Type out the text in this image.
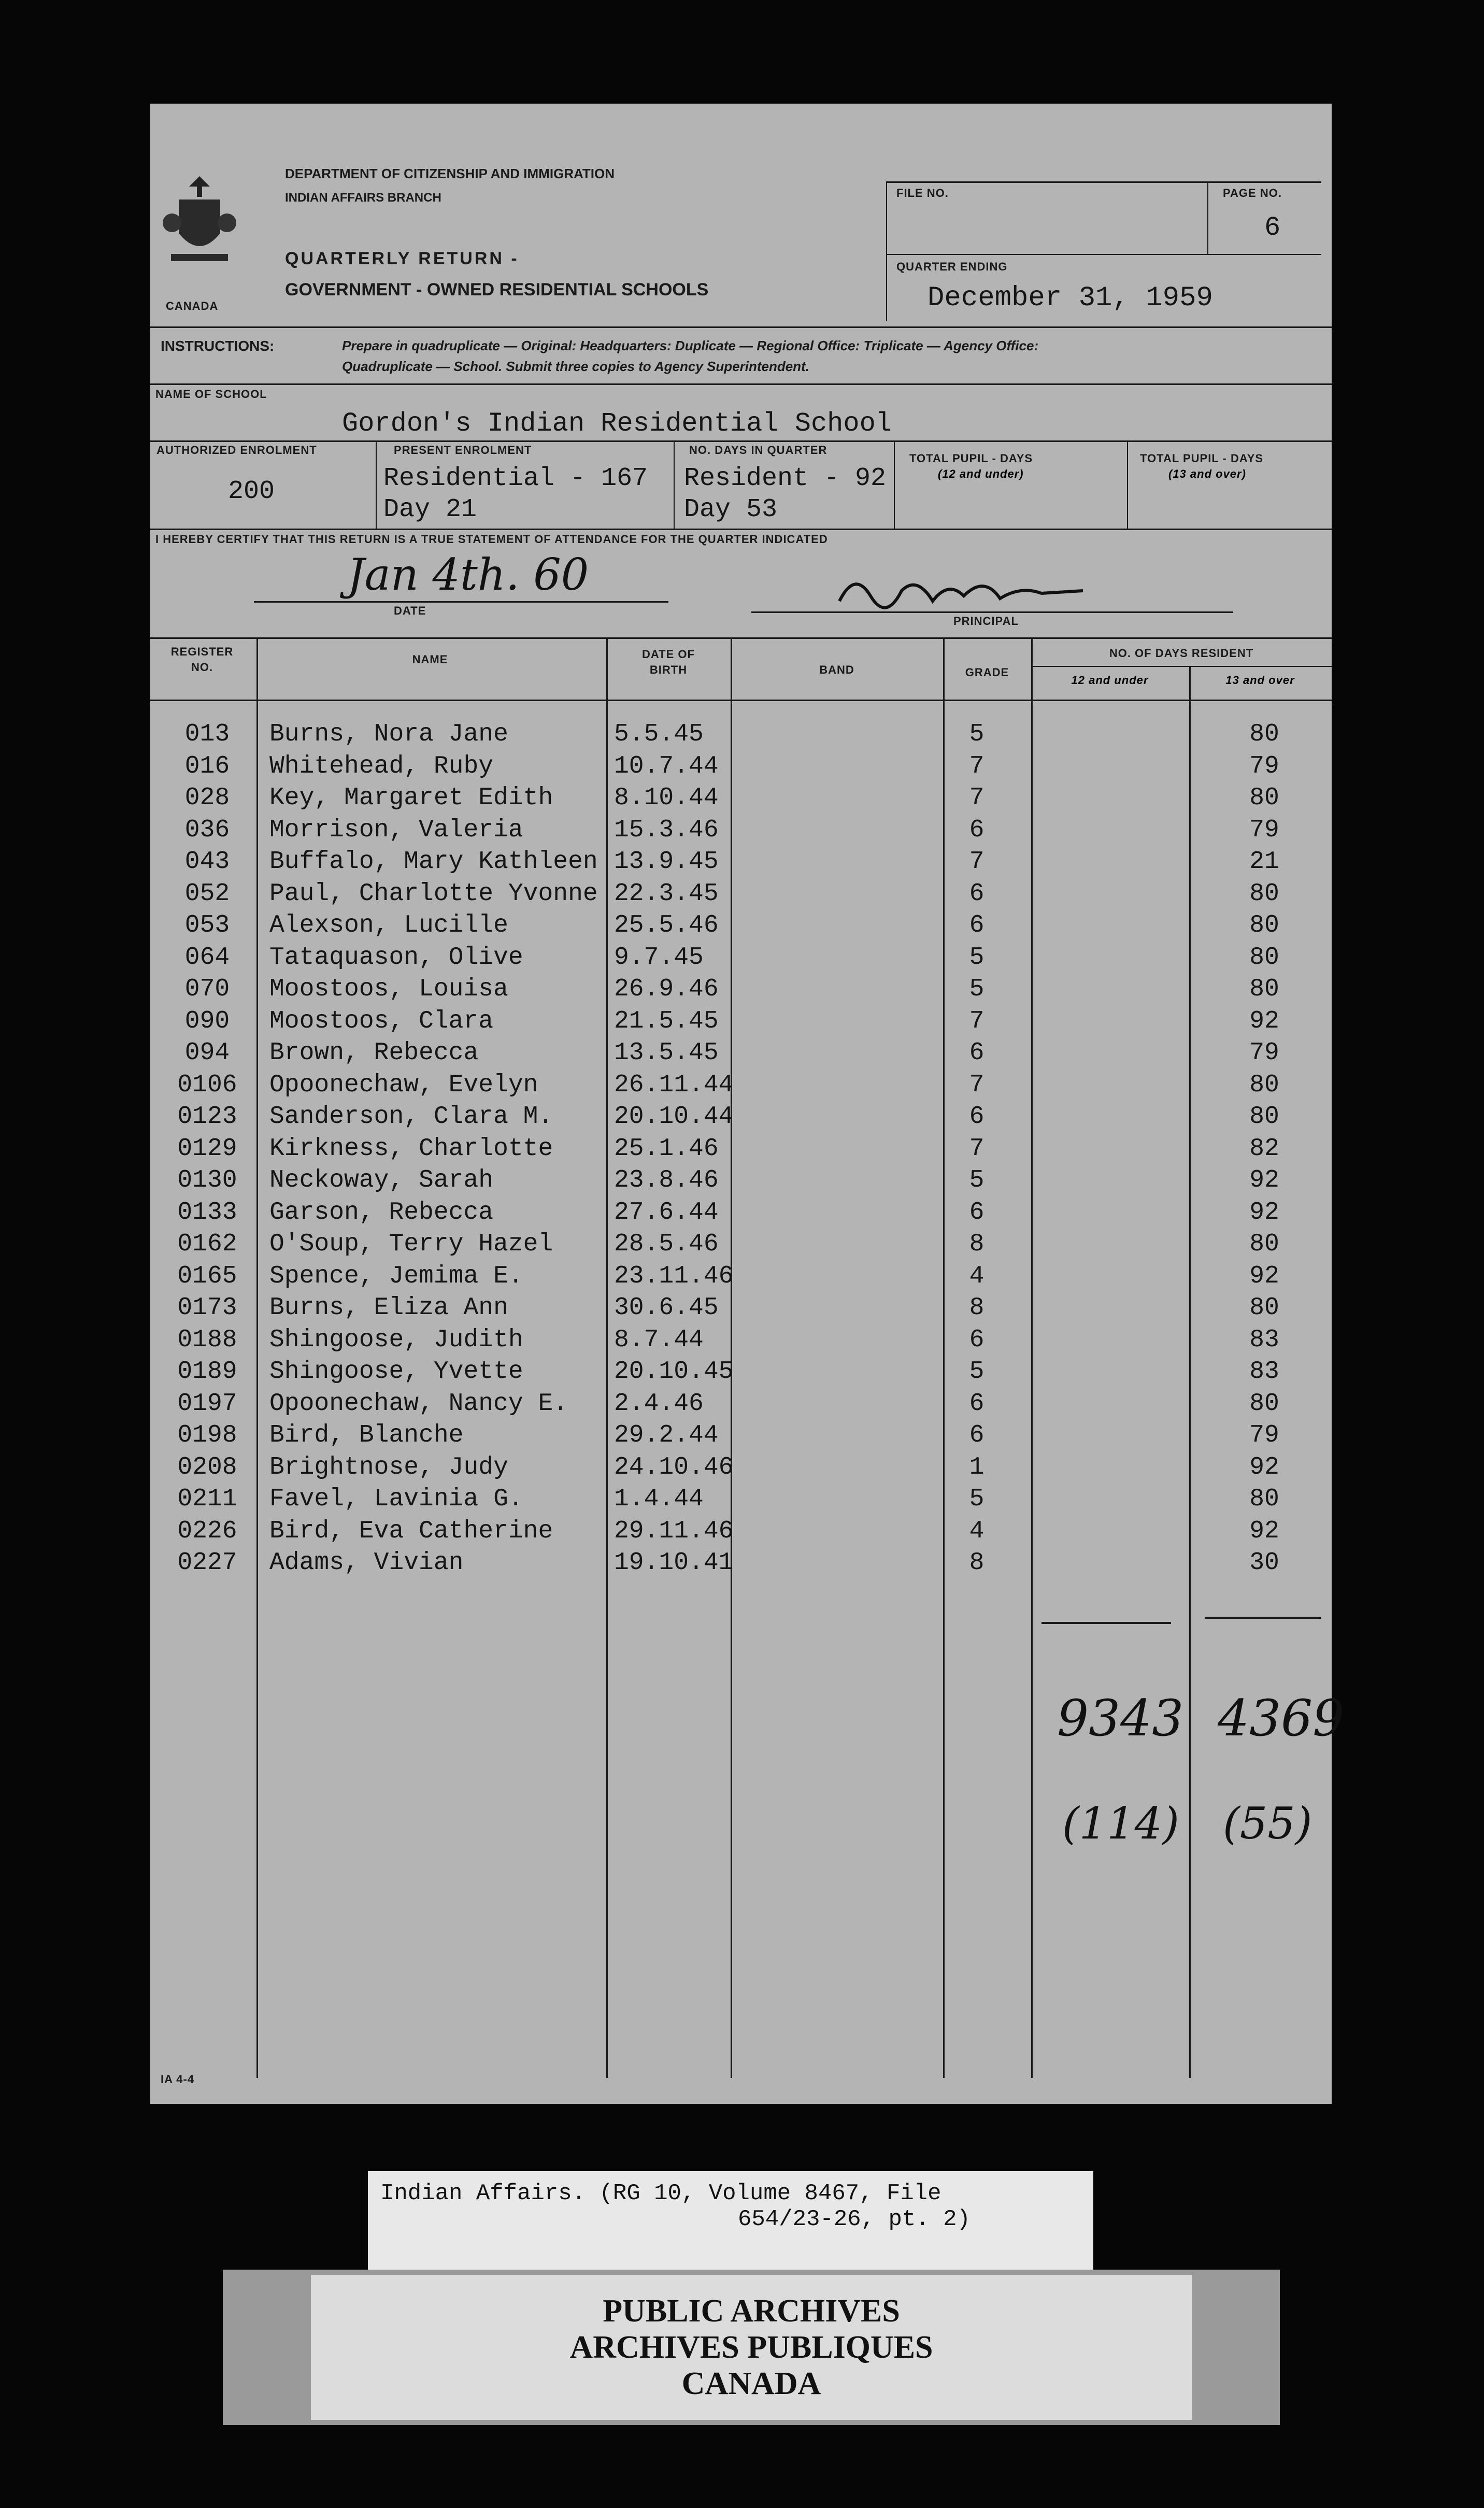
CANADA
DEPARTMENT OF CITIZENSHIP AND IMMIGRATION
INDIAN AFFAIRS BRANCH
QUARTERLY RETURN -
GOVERNMENT - OWNED RESIDENTIAL SCHOOLS
FILE NO.	PAGE NO.
6
QUARTER ENDING
December 31, 1959
INSTRUCTIONS:	Prepare in quadruplicate — Original: Headquarters: Duplicate — Regional Office: Triplicate — Agency Office:
Quadruplicate — School. Submit three copies to Agency Superintendent.
NAME OF SCHOOL
Gordon's Indian Residential School
AUTHORIZED ENROLMENT
200
PRESENT ENROLMENT
Residential - 167
Day 21
NO. DAYS IN QUARTER
Resident - 92
Day 53
TOTAL PUPIL - DAYS
(12 and under)
TOTAL PUPIL - DAYS
(13 and over)
I HEREBY CERTIFY THAT THIS RETURN IS A TRUE STATEMENT OF ATTENDANCE FOR THE QUARTER INDICATED
Jan 4th. 60
DATE
PRINCIPAL
REGISTER
NO.
NAME	DATE OF
BIRTH	BAND	GRADE
NO. OF DAYS RESIDENT
12 and under	13 and over
013	Burns, Nora Jane	5.5.45	5	80
016	Whitehead, Ruby	10.7.44	7	79
028	Key, Margaret Edith 8.10.44	7	80
036	Morrison, Valeria	15.3.46	6	79
043	Buffalo, Mary Kathleen 13.9.45	7	21
052	Paul, Charlotte Yvonne 22.3.45	6	80
053	Alexson, Lucille	25.5.46	6	80
064	Tataquason, Olive	9.7.45	5	80
070	Moostoos, Louisa	26.9.46	5	80
090	Moostoos, Clara	21.5.45	7	92
094	Brown, Rebecca	13.5.45	6	79
0106	Opoonechaw, Evelyn	26.11.44	7	80
0123	Sanderson, Clara M. 20.10.44	6	80
0129	Kirkness, Charlotte 25.1.46	7	82
0130	Neckoway, Sarah	23.8.46	5	92
0133	Garson, Rebecca	27.6.44	6	92
0162	O'Soup, Terry Hazel 28.5.46	8	80
0165	Spence, Jemima E.	23.11.46	4	92
0173	Burns, Eliza Ann	30.6.45	8	80
0188	Shingoose, Judith	8.7.44	6	83
0189	Shingoose, Yvette	20.10.45	5	83
0197	Opoonechaw, Nancy E. 2.4.46	6	80
0198	Bird, Blanche	29.2.44	6	79
0208	Brightnose, Judy	24.10.46	1	92
0211	Favel, Lavinia G.	1.4.44	5	80
0226	Bird, Eva Catherine 29.11.46	4	92
0227	Adams, Vivian	19.10.41	8	30
9343 4369
(114) (55)
IA 4-4
Indian Affairs. (RG 10, Volume 8467, File
654/23-26, pt. 2)
PUBLIC ARCHIVES
ARCHIVES PUBLIQUES
CANADA
